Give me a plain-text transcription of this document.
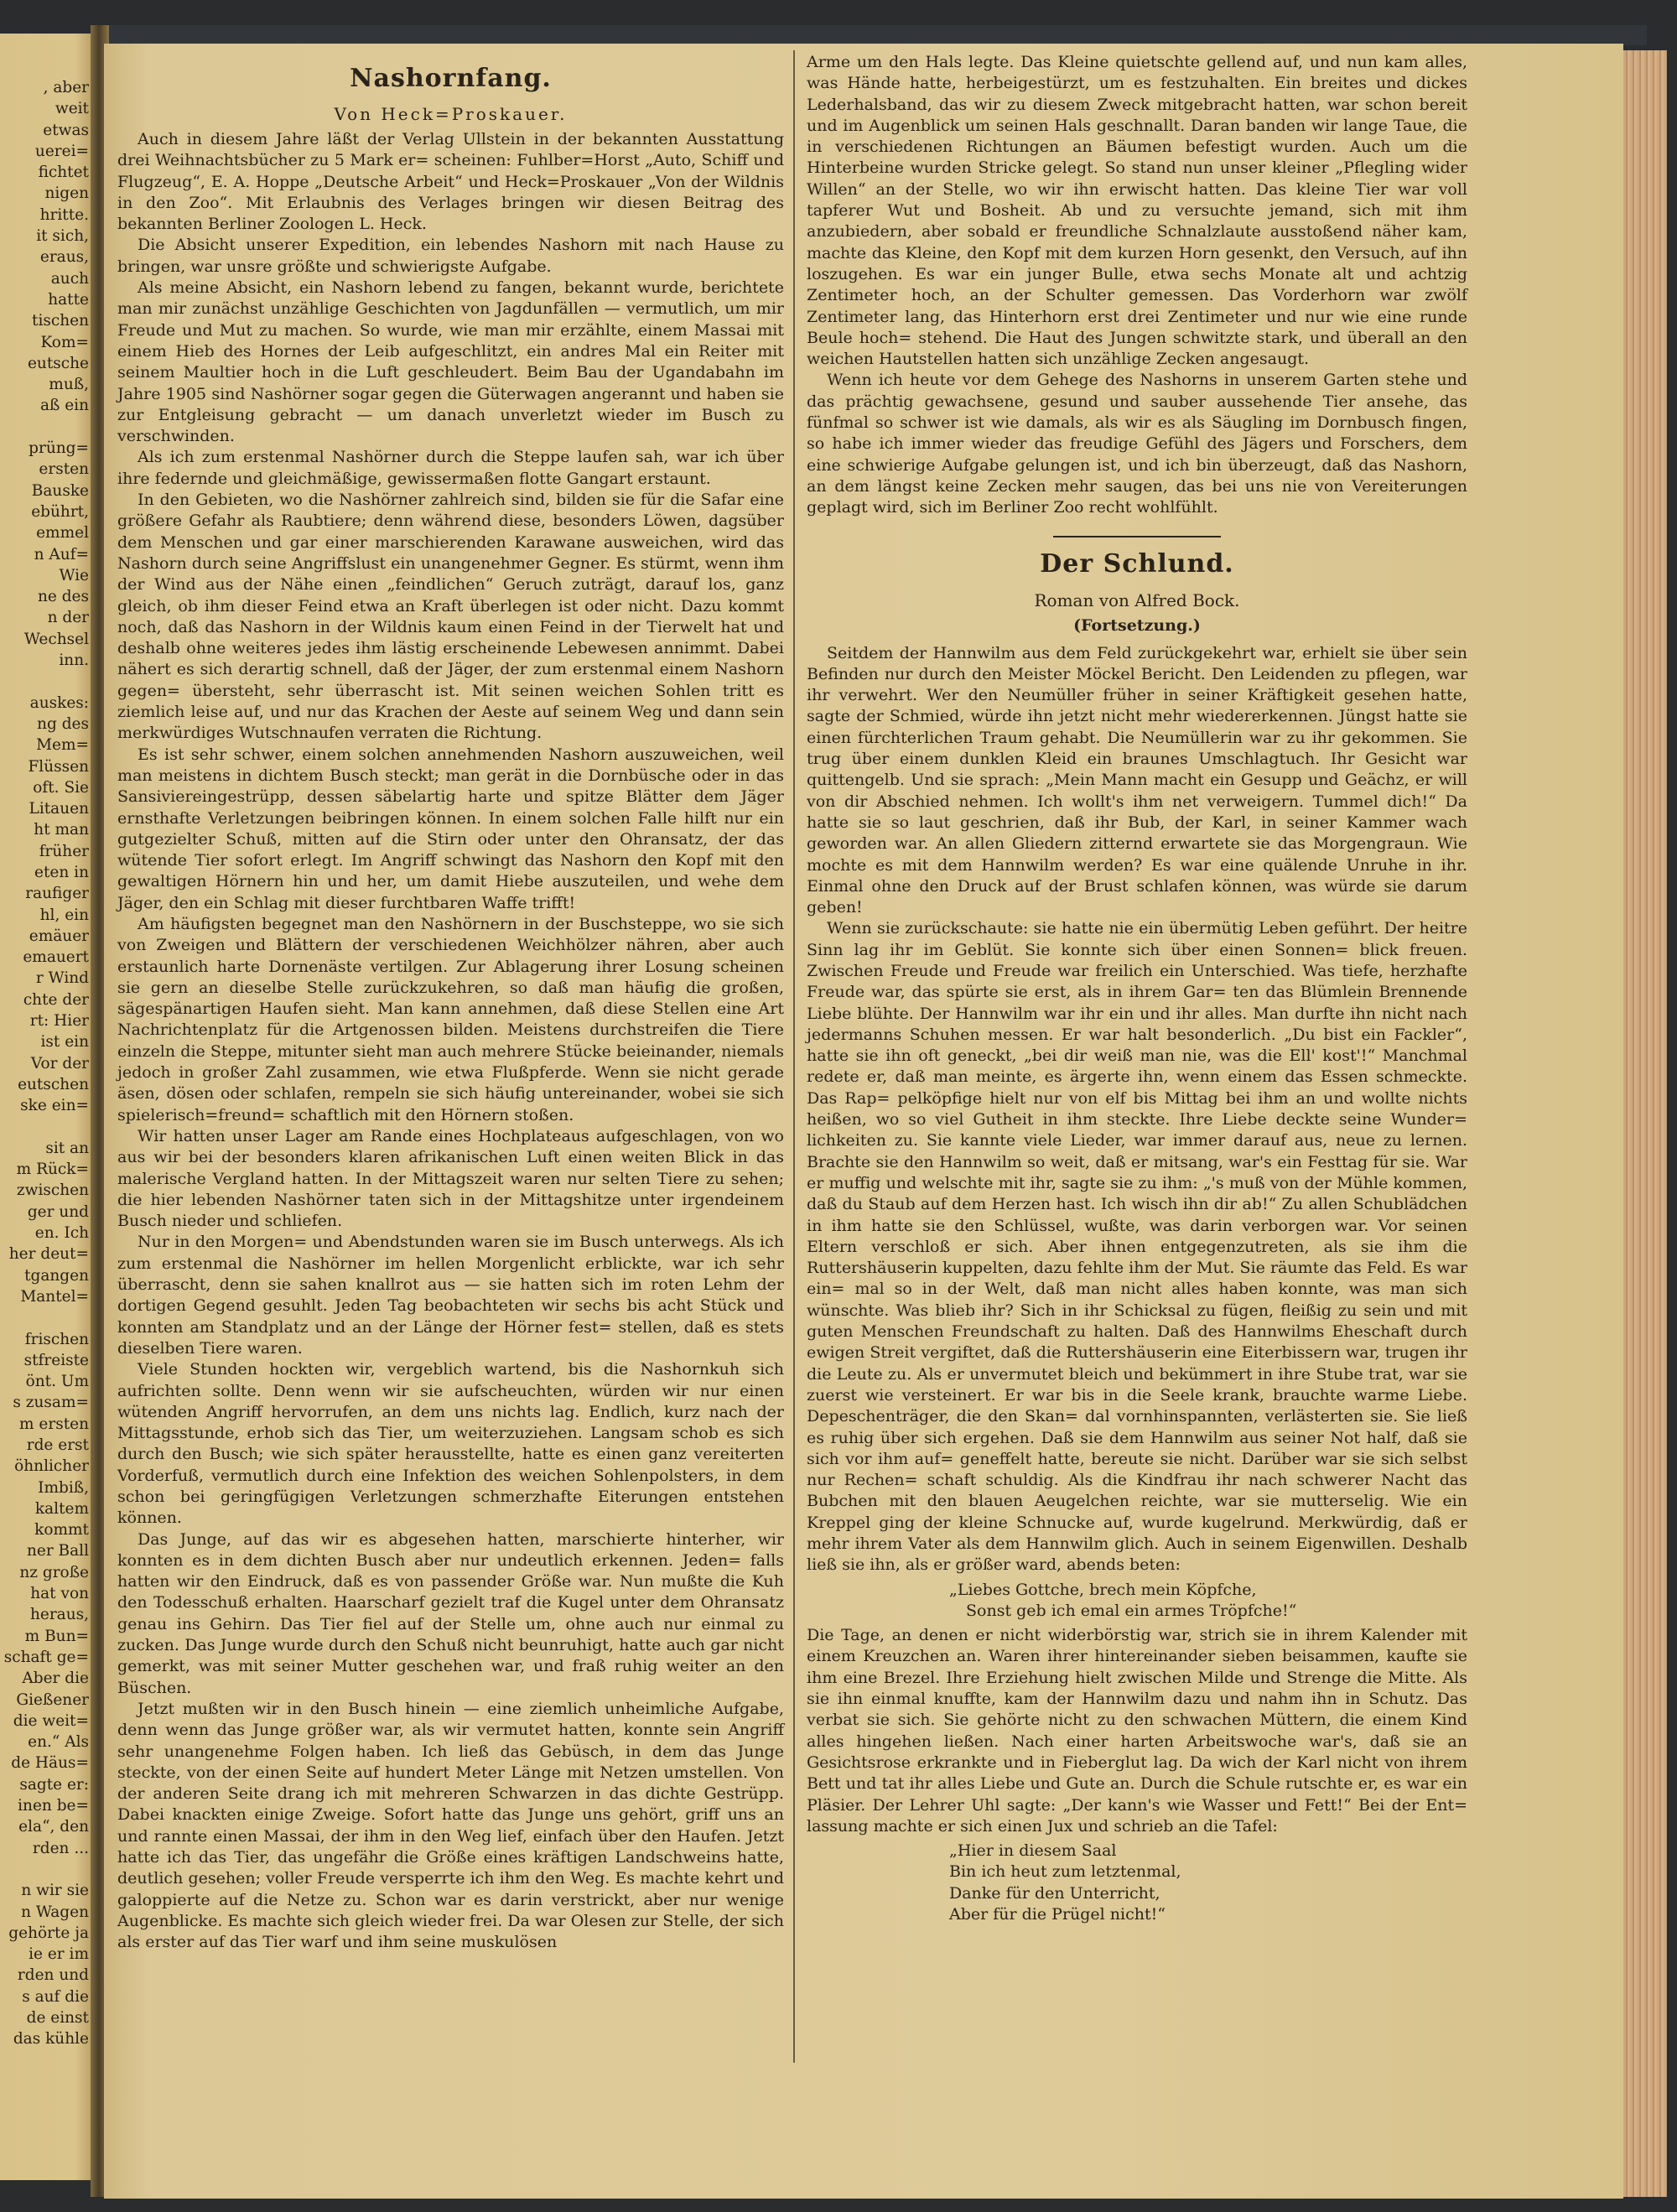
, aber
weit
etwas
uerei=
fichtet
nigen
hritte.
it sich,
eraus,
auch
hatte
tischen
Kom=
eutsche
muß,
aß ein

prüng=
ersten
Bauske
ebührt,
emmel
n Auf=
Wie
ne des
n der
Wechsel
inn.

auskes:
ng des
Mem=
Flüssen
oft. Sie
Litauen
ht man
früher
eten in
raufiger
hl, ein
emäuer
emauert
r Wind
chte der
rt: Hier
ist ein
Vor der
eutschen
ske ein=

sit an
m Rück=
zwischen
ger und
en. Ich
her deut=
tgangen
Mantel=

frischen
stfreiste
önt. Um
s zusam=
m ersten
rde erst
öhnlicher
Imbiß,
kaltem
kommt
ner Ball
nz große
hat von
heraus,
m Bun=
schaft ge=
Aber die
Gießener
die weit=
en.“ Als
de Häus=
sagte er:
inen be=
ela“, den
rden ...

n wir sie
n Wagen
gehörte ja
ie er im
rden und
s auf die
de einst
das kühle
Nashornfang.
Von Heck=Proskauer.

Auch in diesem Jahre läßt der Verlag Ullstein in der bekannten Ausstattung drei Weihnachtsbücher zu 5 Mark er= scheinen: Fuhlber=Horst „Auto, Schiff und Flugzeug“, E. A. Hoppe „Deutsche Arbeit“ und Heck=Proskauer „Von der Wildnis in den Zoo“. Mit Erlaubnis des Verlages bringen wir diesen Beitrag des bekannten Berliner Zoologen L. Heck.

Die Absicht unserer Expedition, ein lebendes Nashorn mit nach Hause zu bringen, war unsre größte und schwierigste Aufgabe.

Als meine Absicht, ein Nashorn lebend zu fangen, bekannt wurde, berichtete man mir zunächst unzählige Geschichten von Jagdunfällen — vermutlich, um mir Freude und Mut zu machen. So wurde, wie man mir erzählte, einem Massai mit einem Hieb des Hornes der Leib aufgeschlitzt, ein andres Mal ein Reiter mit seinem Maultier hoch in die Luft geschleudert. Beim Bau der Ugandabahn im Jahre 1905 sind Nashörner sogar gegen die Güterwagen angerannt und haben sie zur Entgleisung gebracht — um danach unverletzt wieder im Busch zu verschwinden.

Als ich zum erstenmal Nashörner durch die Steppe laufen sah, war ich über ihre federnde und gleichmäßige, gewissermaßen flotte Gangart erstaunt.

In den Gebieten, wo die Nashörner zahlreich sind, bilden sie für die Safar eine größere Gefahr als Raubtiere; denn während diese, besonders Löwen, dagsüber dem Menschen und gar einer marschierenden Karawane ausweichen, wird das Nashorn durch seine Angriffslust ein unangenehmer Gegner. Es stürmt, wenn ihm der Wind aus der Nähe einen „feindlichen“ Geruch zuträgt, darauf los, ganz gleich, ob ihm dieser Feind etwa an Kraft überlegen ist oder nicht. Dazu kommt noch, daß das Nashorn in der Wildnis kaum einen Feind in der Tierwelt hat und deshalb ohne weiteres jedes ihm lästig erscheinende Lebewesen annimmt. Dabei nähert es sich derartig schnell, daß der Jäger, der zum erstenmal einem Nashorn gegen= übersteht, sehr überrascht ist. Mit seinen weichen Sohlen tritt es ziemlich leise auf, und nur das Krachen der Aeste auf seinem Weg und dann sein merkwürdiges Wutschnaufen verraten die Richtung.

Es ist sehr schwer, einem solchen annehmenden Nashorn auszuweichen, weil man meistens in dichtem Busch steckt; man gerät in die Dornbüsche oder in das Sansiviereingestrüpp, dessen säbelartig harte und spitze Blätter dem Jäger ernsthafte Verletzungen beibringen können. In einem solchen Falle hilft nur ein gutgezielter Schuß, mitten auf die Stirn oder unter den Ohransatz, der das wütende Tier sofort erlegt. Im Angriff schwingt das Nashorn den Kopf mit den gewaltigen Hörnern hin und her, um damit Hiebe auszuteilen, und wehe dem Jäger, den ein Schlag mit dieser furchtbaren Waffe trifft!

Am häufigsten begegnet man den Nashörnern in der Buschsteppe, wo sie sich von Zweigen und Blättern der verschiedenen Weichhölzer nähren, aber auch erstaunlich harte Dornenäste vertilgen. Zur Ablagerung ihrer Losung scheinen sie gern an dieselbe Stelle zurückzukehren, so daß man häufig die großen, sägespänartigen Haufen sieht. Man kann annehmen, daß diese Stellen eine Art Nachrichtenplatz für die Artgenossen bilden. Meistens durchstreifen die Tiere einzeln die Steppe, mitunter sieht man auch mehrere Stücke beieinander, niemals jedoch in großer Zahl zusammen, wie etwa Flußpferde. Wenn sie nicht gerade äsen, dösen oder schlafen, rempeln sie sich häufig untereinander, wobei sie sich spielerisch=freund= schaftlich mit den Hörnern stoßen.

Wir hatten unser Lager am Rande eines Hochplateaus aufgeschlagen, von wo aus wir bei der besonders klaren afrikanischen Luft einen weiten Blick in das malerische Vergland hatten. In der Mittagszeit waren nur selten Tiere zu sehen; die hier lebenden Nashörner taten sich in der Mittagshitze unter irgendeinem Busch nieder und schliefen.

Nur in den Morgen= und Abendstunden waren sie im Busch unterwegs. Als ich zum erstenmal die Nashörner im hellen Morgenlicht erblickte, war ich sehr überrascht, denn sie sahen knallrot aus — sie hatten sich im roten Lehm der dortigen Gegend gesuhlt. Jeden Tag beobachteten wir sechs bis acht Stück und konnten am Standplatz und an der Länge der Hörner fest= stellen, daß es stets dieselben Tiere waren.

Viele Stunden hockten wir, vergeblich wartend, bis die Nashornkuh sich aufrichten sollte. Denn wenn wir sie aufscheuchten, würden wir nur einen wütenden Angriff hervorrufen, an dem uns nichts lag. Endlich, kurz nach der Mittagsstunde, erhob sich das Tier, um weiterzuziehen. Langsam schob es sich durch den Busch; wie sich später herausstellte, hatte es einen ganz vereiterten Vorderfuß, vermutlich durch eine Infektion des weichen Sohlenpolsters, in dem schon bei geringfügigen Verletzungen schmerzhafte Eiterungen entstehen können.

Das Junge, auf das wir es abgesehen hatten, marschierte hinterher, wir konnten es in dem dichten Busch aber nur undeutlich erkennen. Jeden= falls hatten wir den Eindruck, daß es von passender Größe war. Nun mußte die Kuh den Todesschuß erhalten. Haarscharf gezielt traf die Kugel unter dem Ohransatz genau ins Gehirn. Das Tier fiel auf der Stelle um, ohne auch nur einmal zu zucken. Das Junge wurde durch den Schuß nicht beunruhigt, hatte auch gar nicht gemerkt, was mit seiner Mutter geschehen war, und fraß ruhig weiter an den Büschen.

Jetzt mußten wir in den Busch hinein — eine ziemlich unheimliche Aufgabe, denn wenn das Junge größer war, als wir vermutet hatten, konnte sein Angriff sehr unangenehme Folgen haben. Ich ließ das Gebüsch, in dem das Junge steckte, von der einen Seite auf hundert Meter Länge mit Netzen umstellen. Von der anderen Seite drang ich mit mehreren Schwarzen in das dichte Gestrüpp. Dabei knackten einige Zweige. Sofort hatte das Junge uns gehört, griff uns an und rannte einen Massai, der ihm in den Weg lief, einfach über den Haufen. Jetzt hatte ich das Tier, das ungefähr die Größe eines kräftigen Landschweins hatte, deutlich gesehen; voller Freude versperrte ich ihm den Weg. Es machte kehrt und galoppierte auf die Netze zu. Schon war es darin verstrickt, aber nur wenige Augenblicke. Es machte sich gleich wieder frei. Da war Olesen zur Stelle, der sich als erster auf das Tier warf und ihm seine muskulösen

Arme um den Hals legte. Das Kleine quietschte gellend auf, und nun kam alles, was Hände hatte, herbeigestürzt, um es festzuhalten. Ein breites und dickes Lederhalsband, das wir zu diesem Zweck mitgebracht hatten, war schon bereit und im Augenblick um seinen Hals geschnallt. Daran banden wir lange Taue, die in verschiedenen Richtungen an Bäumen befestigt wurden. Auch um die Hinterbeine wurden Stricke gelegt. So stand nun unser kleiner „Pflegling wider Willen“ an der Stelle, wo wir ihn erwischt hatten. Das kleine Tier war voll tapferer Wut und Bosheit. Ab und zu versuchte jemand, sich mit ihm anzubiedern, aber sobald er freundliche Schnalzlaute ausstoßend näher kam, machte das Kleine, den Kopf mit dem kurzen Horn gesenkt, den Versuch, auf ihn loszugehen. Es war ein junger Bulle, etwa sechs Monate alt und achtzig Zentimeter hoch, an der Schulter gemessen. Das Vorderhorn war zwölf Zentimeter lang, das Hinterhorn erst drei Zentimeter und nur wie eine runde Beule hoch= stehend. Die Haut des Jungen schwitzte stark, und überall an den weichen Hautstellen hatten sich unzählige Zecken angesaugt.

Wenn ich heute vor dem Gehege des Nashorns in unserem Garten stehe und das prächtig gewachsene, gesund und sauber aussehende Tier ansehe, das fünfmal so schwer ist wie damals, als wir es als Säugling im Dornbusch fingen, so habe ich immer wieder das freudige Gefühl des Jägers und Forschers, dem eine schwierige Aufgabe gelungen ist, und ich bin überzeugt, daß das Nashorn, an dem längst keine Zecken mehr saugen, das bei uns nie von Vereiterungen geplagt wird, sich im Berliner Zoo recht wohlfühlt.

Der Schlund.
Roman von Alfred Bock.
(Fortsetzung.)

Seitdem der Hannwilm aus dem Feld zurückgekehrt war, erhielt sie über sein Befinden nur durch den Meister Möckel Bericht. Den Leidenden zu pflegen, war ihr verwehrt. Wer den Neumüller früher in seiner Kräftigkeit gesehen hatte, sagte der Schmied, würde ihn jetzt nicht mehr wiedererkennen. Jüngst hatte sie einen fürchterlichen Traum gehabt. Die Neumüllerin war zu ihr gekommen. Sie trug über einem dunklen Kleid ein braunes Umschlagtuch. Ihr Gesicht war quittengelb. Und sie sprach: „Mein Mann macht ein Gesupp und Geächz, er will von dir Abschied nehmen. Ich wollt's ihm net verweigern. Tummel dich!“ Da hatte sie so laut geschrien, daß ihr Bub, der Karl, in seiner Kammer wach geworden war. An allen Gliedern zitternd erwartete sie das Morgengraun. Wie mochte es mit dem Hannwilm werden? Es war eine quälende Unruhe in ihr. Einmal ohne den Druck auf der Brust schlafen können, was würde sie darum geben!

Wenn sie zurückschaute: sie hatte nie ein übermütig Leben geführt. Der heitre Sinn lag ihr im Geblüt. Sie konnte sich über einen Sonnen= blick freuen. Zwischen Freude und Freude war freilich ein Unterschied. Was tiefe, herzhafte Freude war, das spürte sie erst, als in ihrem Gar= ten das Blümlein Brennende Liebe blühte. Der Hannwilm war ihr ein und ihr alles. Man durfte ihn nicht nach jedermanns Schuhen messen. Er war halt besonderlich. „Du bist ein Fackler“, hatte sie ihn oft geneckt, „bei dir weiß man nie, was die Ell' kost'!“ Manchmal redete er, daß man meinte, es ärgerte ihn, wenn einem das Essen schmeckte. Das Rap= pelköpfige hielt nur von elf bis Mittag bei ihm an und wollte nichts heißen, wo so viel Gutheit in ihm steckte. Ihre Liebe deckte seine Wunder= lichkeiten zu. Sie kannte viele Lieder, war immer darauf aus, neue zu lernen. Brachte sie den Hannwilm so weit, daß er mitsang, war's ein Festtag für sie. War er muffig und welschte mit ihr, sagte sie zu ihm: „'s muß von der Mühle kommen, daß du Staub auf dem Herzen hast. Ich wisch ihn dir ab!“ Zu allen Schublädchen in ihm hatte sie den Schlüssel, wußte, was darin verborgen war. Vor seinen Eltern verschloß er sich. Aber ihnen entgegenzutreten, als sie ihm die Ruttershäuserin kuppelten, dazu fehlte ihm der Mut. Sie räumte das Feld. Es war ein= mal so in der Welt, daß man nicht alles haben konnte, was man sich wünschte. Was blieb ihr? Sich in ihr Schicksal zu fügen, fleißig zu sein und mit guten Menschen Freundschaft zu halten. Daß des Hannwilms Eheschaft durch ewigen Streit vergiftet, daß die Ruttershäuserin eine Eiterbissern war, trugen ihr die Leute zu. Als er unvermutet bleich und bekümmert in ihre Stube trat, war sie zuerst wie versteinert. Er war bis in die Seele krank, brauchte warme Liebe. Depeschenträger, die den Skan= dal vornhinspannten, verlästerten sie. Sie ließ es ruhig über sich ergehen. Daß sie dem Hannwilm aus seiner Not half, daß sie sich vor ihm auf= geneffelt hatte, bereute sie nicht. Darüber war sie sich selbst nur Rechen= schaft schuldig. Als die Kindfrau ihr nach schwerer Nacht das Bubchen mit den blauen Aeugelchen reichte, war sie mutterselig. Wie ein Kreppel ging der kleine Schnucke auf, wurde kugelrund. Merkwürdig, daß er mehr ihrem Vater als dem Hannwilm glich. Auch in seinem Eigenwillen. Deshalb ließ sie ihn, als er größer ward, abends beten:

„Liebes Gottche, brech mein Köpfche,
Sonst geb ich emal ein armes Tröpfche!“

Die Tage, an denen er nicht widerbörstig war, strich sie in ihrem Kalender mit einem Kreuzchen an. Waren ihrer hintereinander sieben beisammen, kaufte sie ihm eine Brezel. Ihre Erziehung hielt zwischen Milde und Strenge die Mitte. Als sie ihn einmal knuffte, kam der Hannwilm dazu und nahm ihn in Schutz. Das verbat sie sich. Sie gehörte nicht zu den schwachen Müttern, die einem Kind alles hingehen ließen. Nach einer harten Arbeitswoche war's, daß sie an Gesichtsrose erkrankte und in Fieberglut lag. Da wich der Karl nicht von ihrem Bett und tat ihr alles Liebe und Gute an. Durch die Schule rutschte er, es war ein Pläsier. Der Lehrer Uhl sagte: „Der kann's wie Wasser und Fett!“ Bei der Ent= lassung machte er sich einen Jux und schrieb an die Tafel:

„Hier in diesem Saal
Bin ich heut zum letztenmal,
Danke für den Unterricht,
Aber für die Prügel nicht!“
